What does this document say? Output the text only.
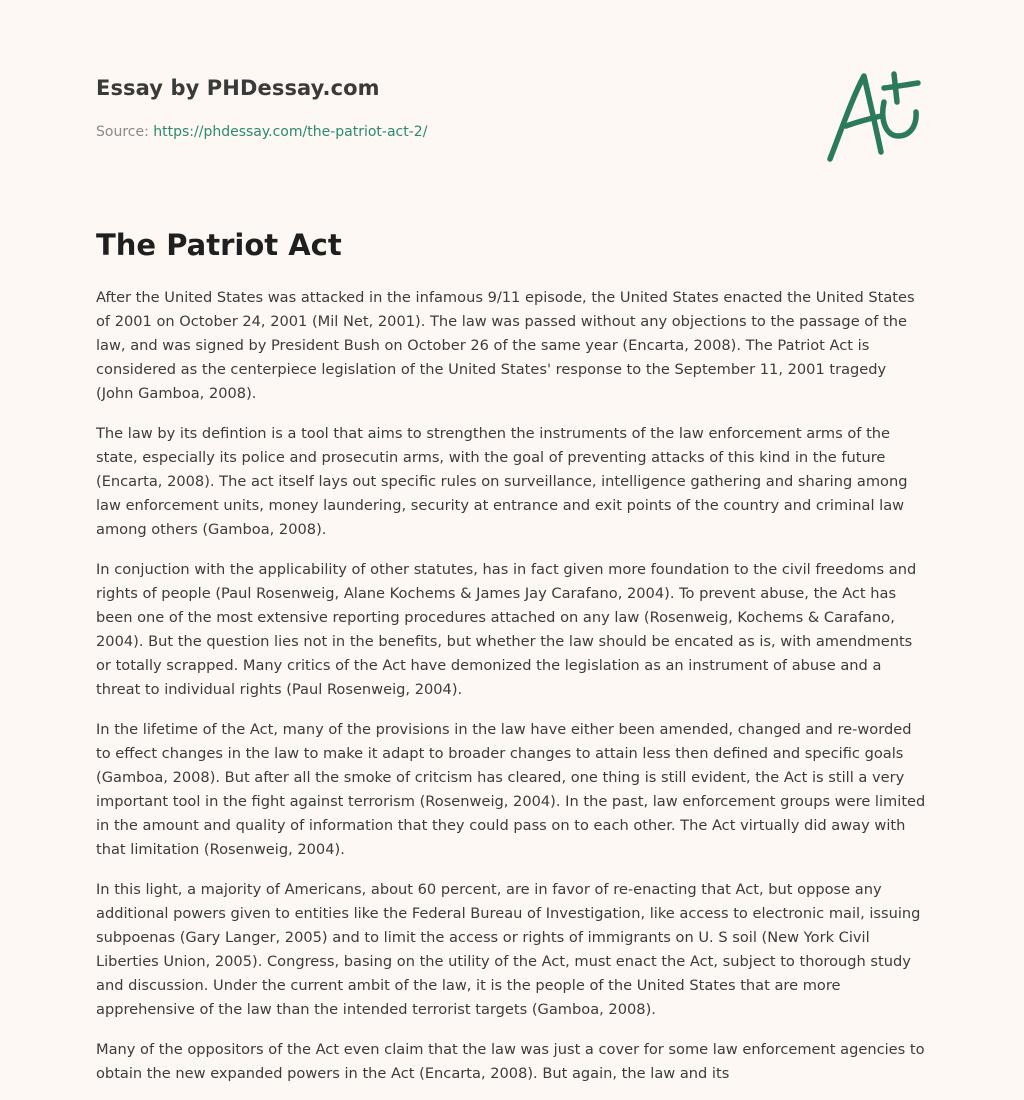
Essay by PHDessay.com
Source: https://phdessay.com/the-patriot-act-2/
The Patriot Act

After the United States was attacked in the infamous 9/11 episode, the United States enacted the United States of 2001 on October 24, 2001 (Mil Net, 2001). The law was passed without any objections to the passage of the law, and was signed by President Bush on October 26 of the same year (Encarta, 2008). The Patriot Act is considered as the centerpiece legislation of the United States' response to the September 11, 2001 tragedy (John Gamboa, 2008).

The law by its defintion is a tool that aims to strengthen the instruments of the law enforcement arms of the state, especially its police and prosecutin arms, with the goal of preventing attacks of this kind in the future (Encarta, 2008). The act itself lays out specific rules on surveillance, intelligence gathering and sharing among law enforcement units, money laundering, security at entrance and exit points of the country and criminal law among others (Gamboa, 2008).

In conjuction with the applicability of other statutes, has in fact given more foundation to the civil freedoms and rights of people (Paul Rosenweig, Alane Kochems & James Jay Carafano, 2004). To prevent abuse, the Act has been one of the most extensive reporting procedures attached on any law (Rosenweig, Kochems & Carafano, 2004). But the question lies not in the benefits, but whether the law should be encated as is, with amendments or totally scrapped. Many critics of the Act have demonized the legislation as an instrument of abuse and a threat to individual rights (Paul Rosenweig, 2004).

In the lifetime of the Act, many of the provisions in the law have either been amended, changed and re-worded to effect changes in the law to make it adapt to broader changes to attain less then defined and specific goals (Gamboa, 2008). But after all the smoke of critcism has cleared, one thing is still evident, the Act is still a very important tool in the fight against terrorism (Rosenweig, 2004). In the past, law enforcement groups were limited in the amount and quality of information that they could pass on to each other. The Act virtually did away with that limitation (Rosenweig, 2004).

In this light, a majority of Americans, about 60 percent, are in favor of re-enacting that Act, but oppose any additional powers given to entities like the Federal Bureau of Investigation, like access to electronic mail, issuing subpoenas (Gary Langer, 2005) and to limit the access or rights of immigrants on U. S soil (New York Civil Liberties Union, 2005). Congress, basing on the utility of the Act, must enact the Act, subject to thorough study and discussion. Under the current ambit of the law, it is the people of the United States that are more apprehensive of the law than the intended terrorist targets (Gamboa, 2008).

Many of the oppositors of the Act even claim that the law was just a cover for some law enforcement agencies to obtain the new expanded powers in the Act (Encarta, 2008). But again, the law and its
